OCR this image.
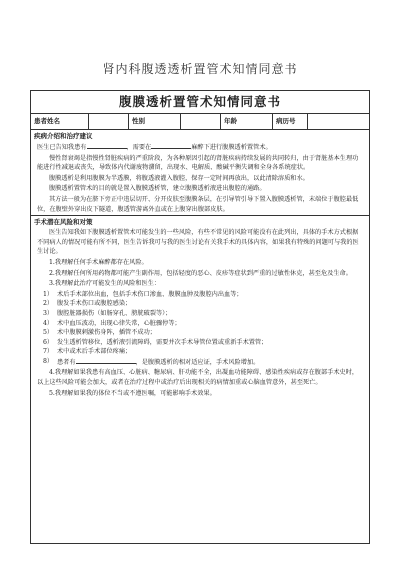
肾内科腹透透析置管术知情同意书
腹膜透析置管术知情同意书
患者姓名	性别	年龄	病历号
疾病介绍和治疗建议

医生已告知我患有	，需要在	麻醉下进行腹膜透析置管术。

慢性肾衰竭是指慢性肾脏疾病的严重阶段，为各种原因引起的肾脏疾病持续发展的共同转归，由于肾脏基本生理功能进行性减退或丧失，导致体内代谢废物潴留，出现水、电解质、酸碱平衡失调和全身各系统症状。

腹膜透析是利用腹膜为半透膜，将腹透液灌入腹腔，保存一定时间再放出，以此清除溶质和水。

腹膜透析置管术的目的就是置入腹膜透析管，建立腹膜透析液进出腹腔的通路。

其方法一般为在脐下旁正中违层切开、分开皮肤至腹膜条层，在引导管引导下置入腹膜透析管，末端位于腹腔最低位，在腹壁外穿出皮下隧道，腹透管游离外直或在上腹穿出腹部皮肤。

手术潜在风险和对策

医生告知我如下腹膜透析置管术可能发生的一些风险，有些不常见的风险可能没有在此列出，具体的手术方式根据不同病人的情况可能有所不同，医生告诉我可与我的医生讨论有关我手术的具体内容，如果我有特殊的问题可与我的医生讨论。

1.我理解任何手术麻醉都存在风险。

2.我理解任何所用药物都可能产生副作用，包括轻度的恶心、皮疹等症状到严重的过敏性休克，甚至危及生命。

3.我理解此治疗可能发生的风险和医生：

1） 术后手术部位出血，包括手术伤口渗血、腹膜血肿及腹腔内出血等；
2） 腹发手术伤口或腹腔感染；
3） 腹腔脏器损伤（如肠穿孔、膀胱破裂等）；
4） 术中血压波动，出现心律失常，心脏骤停等；
5） 术中腹膜刺激伤身阵，插管不成功；
6） 发生透析管移位，透析液引流障碍，需要并次手术导管位置或重新手术置管；
7） 术中或术后手术部位疼痛；
8） 患者有	，是腹膜透析的相对适应证，手术风险增加。

4.我理解如果我患有高血压、心脏病、糖尿病、肝功能不全，出凝血功能障碍、感染性疾病或存在腹部手术史时，以上这些风险可能会加大，或者在治疗过程中或治疗后出现相关的病情加重或心脑血管意外，甚至死亡。

5.我理解如果我的体位不当或不遵医嘱，可能影响手术效果。
